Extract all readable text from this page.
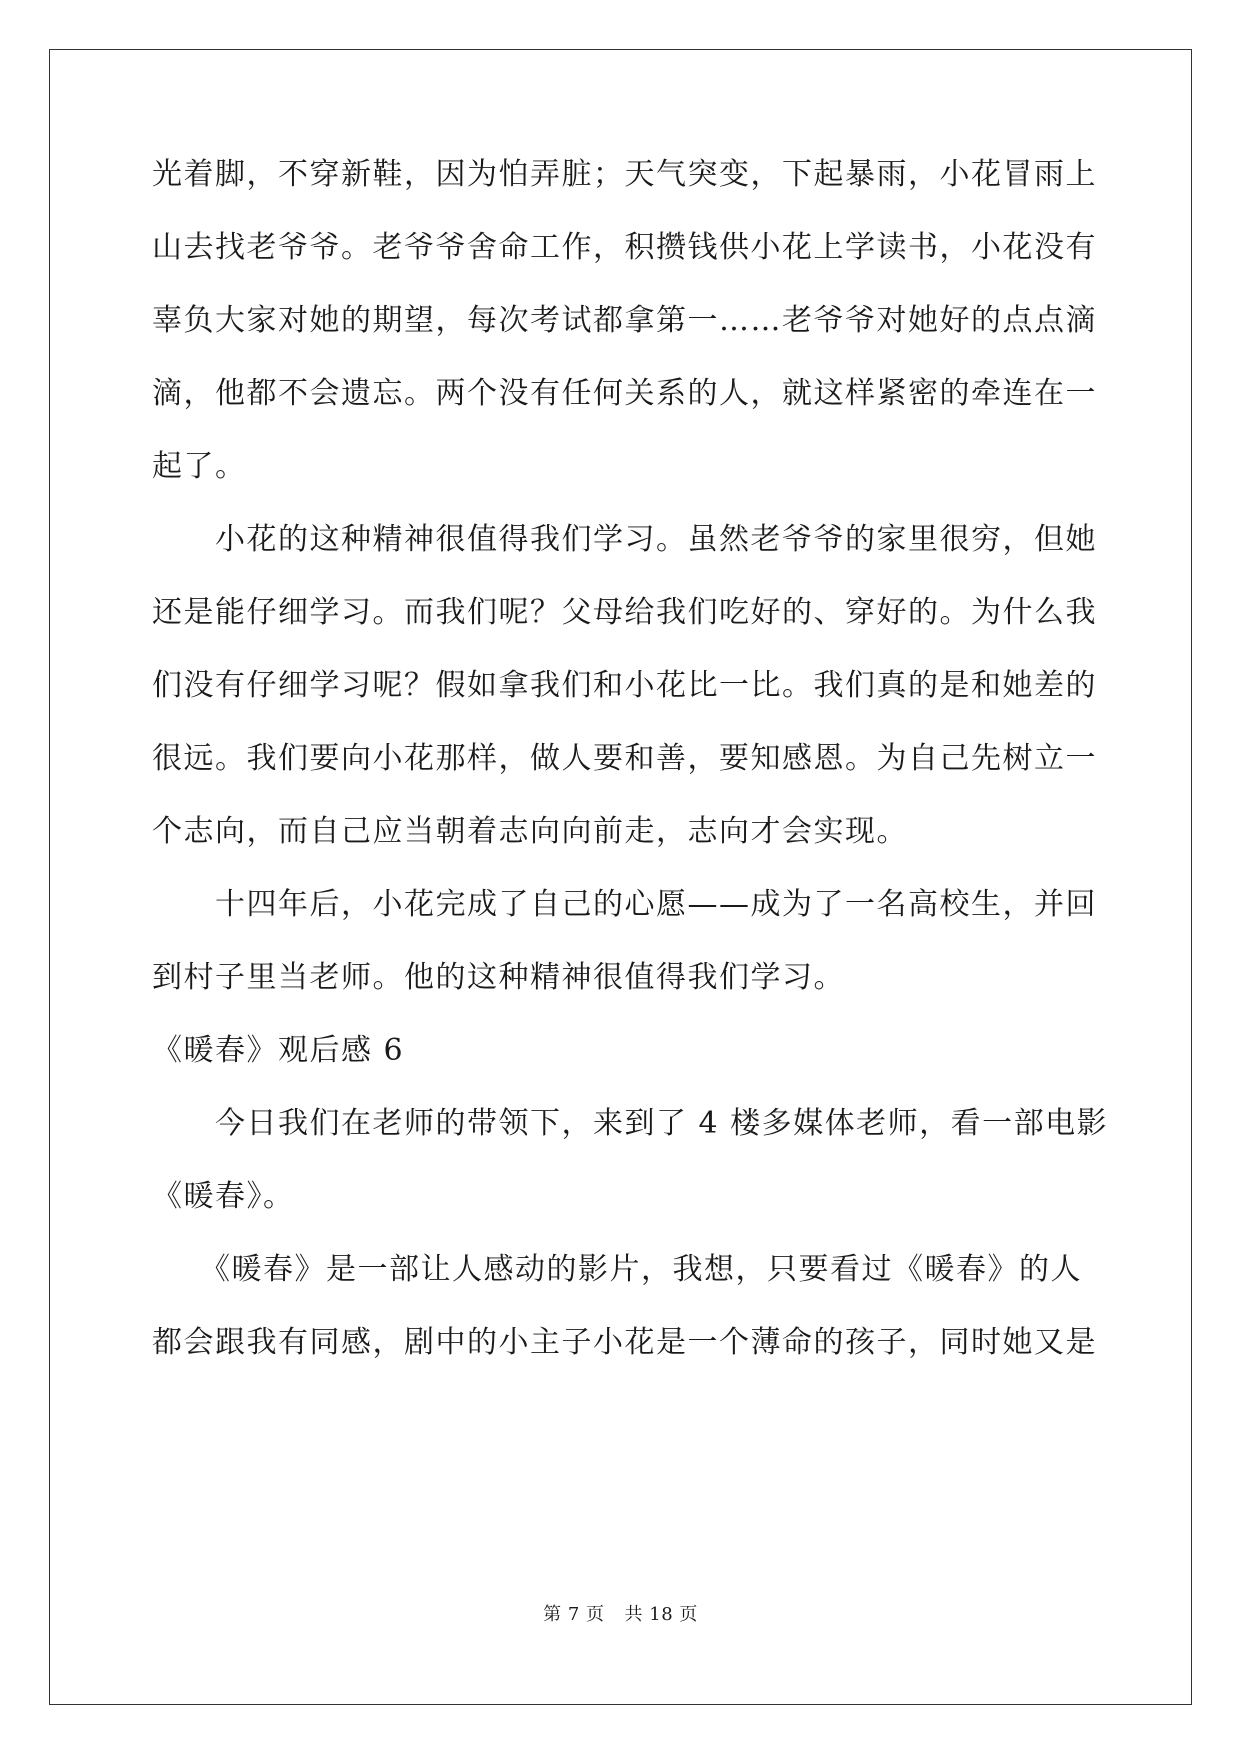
光着脚，不穿新鞋，因为怕弄脏；天气突变，下起暴雨，小花冒雨上
山去找老爷爷。老爷爷舍命工作，积攒钱供小花上学读书，小花没有
辜负大家对她的期望，每次考试都拿第一……老爷爷对她好的点点滴
滴，他都不会遗忘。两个没有任何关系的人，就这样紧密的牵连在一
起了。
　　小花的这种精神很值得我们学习。虽然老爷爷的家里很穷，但她
还是能仔细学习。而我们呢？父母给我们吃好的、穿好的。为什么我
们没有仔细学习呢？假如拿我们和小花比一比。我们真的是和她差的
很远。我们要向小花那样，做人要和善，要知感恩。为自己先树立一
个志向，而自己应当朝着志向向前走，志向才会实现。
　　十四年后，小花完成了自己的心愿——成为了一名高校生，并回
到村子里当老师。他的这种精神很值得我们学习。
《暖春》观后感 6
　　今日我们在老师的带领下，来到了 4 楼多媒体老师，看一部电影
《暖春》。
　　《暖春》是一部让人感动的影片，我想，只要看过《暖春》的人
都会跟我有同感，剧中的小主子小花是一个薄命的孩子，同时她又是
第 7 页 共 18 页
